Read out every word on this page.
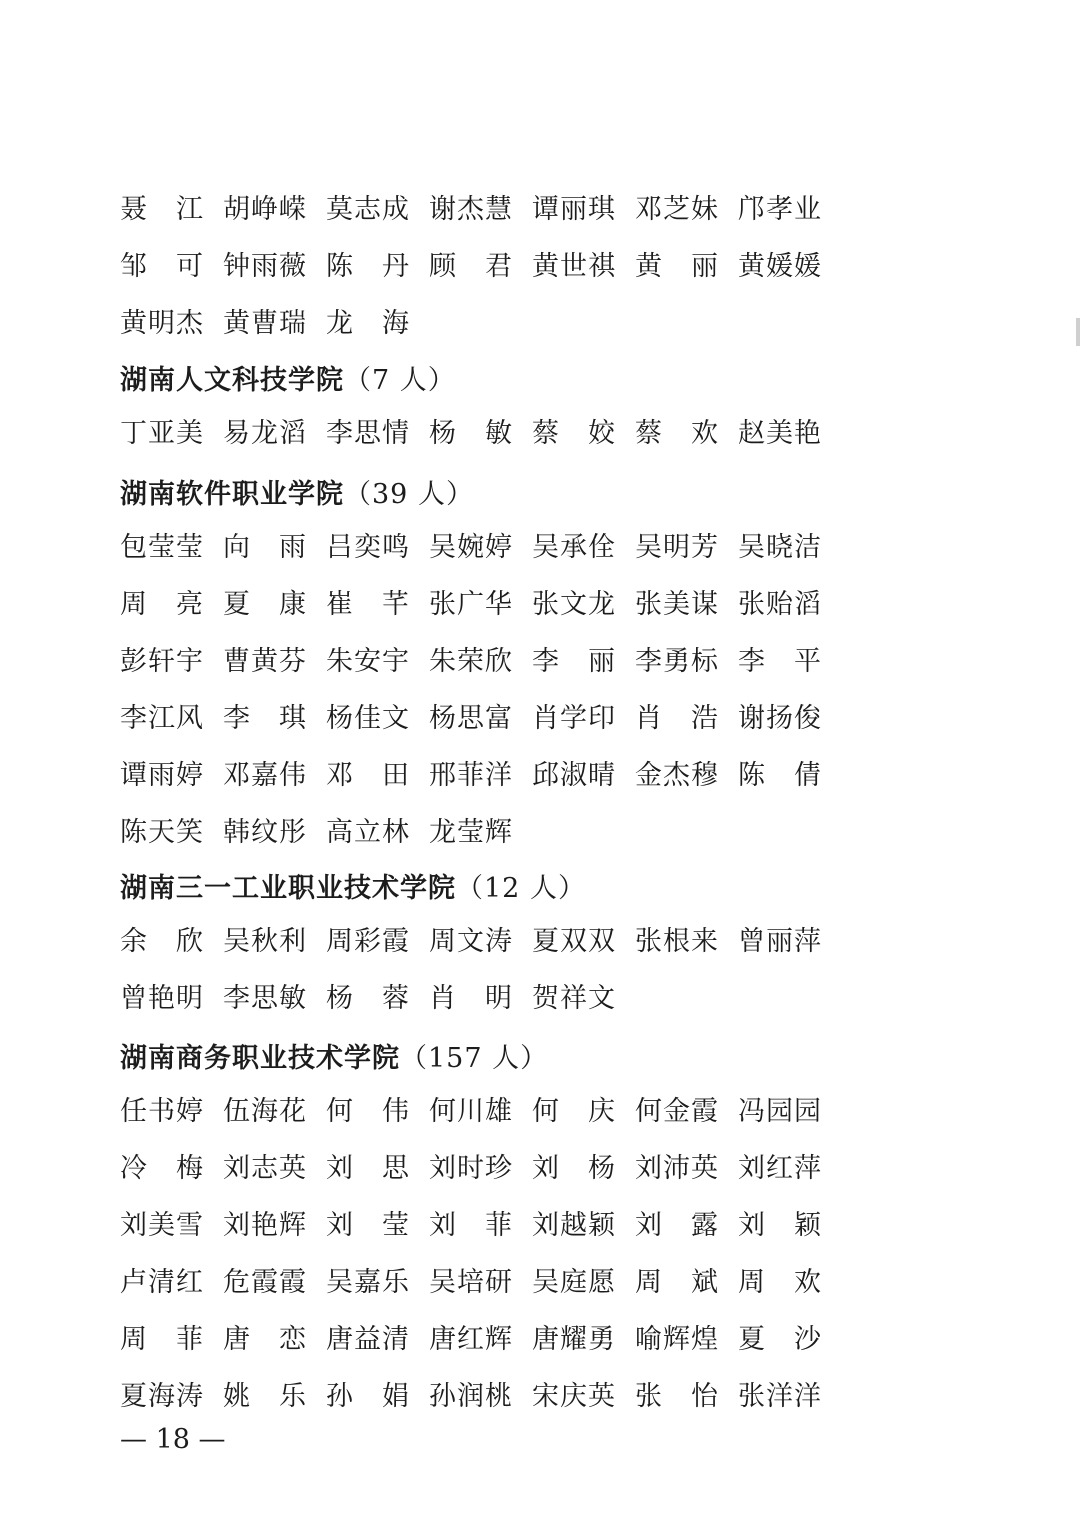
聂　江 胡峥嵘 莫志成 谢杰慧 谭丽琪 邓芝妹 邝孝业
邹　可 钟雨薇 陈　丹 顾　君 黄世祺 黄　丽 黄媛媛
黄明杰 黄曹瑞 龙　海
湖南人文科技学院（7 人）
丁亚美 易龙滔 李思情 杨　敏 蔡　姣 蔡　欢 赵美艳
湖南软件职业学院（39 人）
包莹莹 向　雨 吕奕鸣 吴婉婷 吴承佺 吴明芳 吴晓洁
周　亮 夏　康 崔　芊 张广华 张文龙 张美谋 张贻滔
彭轩宇 曹黄芬 朱安宇 朱荣欣 李　丽 李勇标 李　平
李江风 李　琪 杨佳文 杨思富 肖学印 肖　浩 谢扬俊
谭雨婷 邓嘉伟 邓　田 邢菲洋 邱淑晴 金杰穆 陈　倩
陈天笑 韩纹彤 高立林 龙莹辉
湖南三一工业职业技术学院（12 人）
余　欣 吴秋利 周彩霞 周文涛 夏双双 张根来 曾丽萍
曾艳明 李思敏 杨　蓉 肖　明 贺祥文
湖南商务职业技术学院（157 人）
任书婷 伍海花 何　伟 何川雄 何　庆 何金霞 冯园园
冷　梅 刘志英 刘　思 刘时珍 刘　杨 刘沛英 刘红萍
刘美雪 刘艳辉 刘　莹 刘　菲 刘越颖 刘　露 刘　颖
卢清红 危霞霞 吴嘉乐 吴培研 吴庭愿 周　斌 周　欢
周　菲 唐　恋 唐益清 唐红辉 唐耀勇 喻辉煌 夏　沙
夏海涛 姚　乐 孙　娟 孙润桃 宋庆英 张　怡 张洋洋
— 18 —
